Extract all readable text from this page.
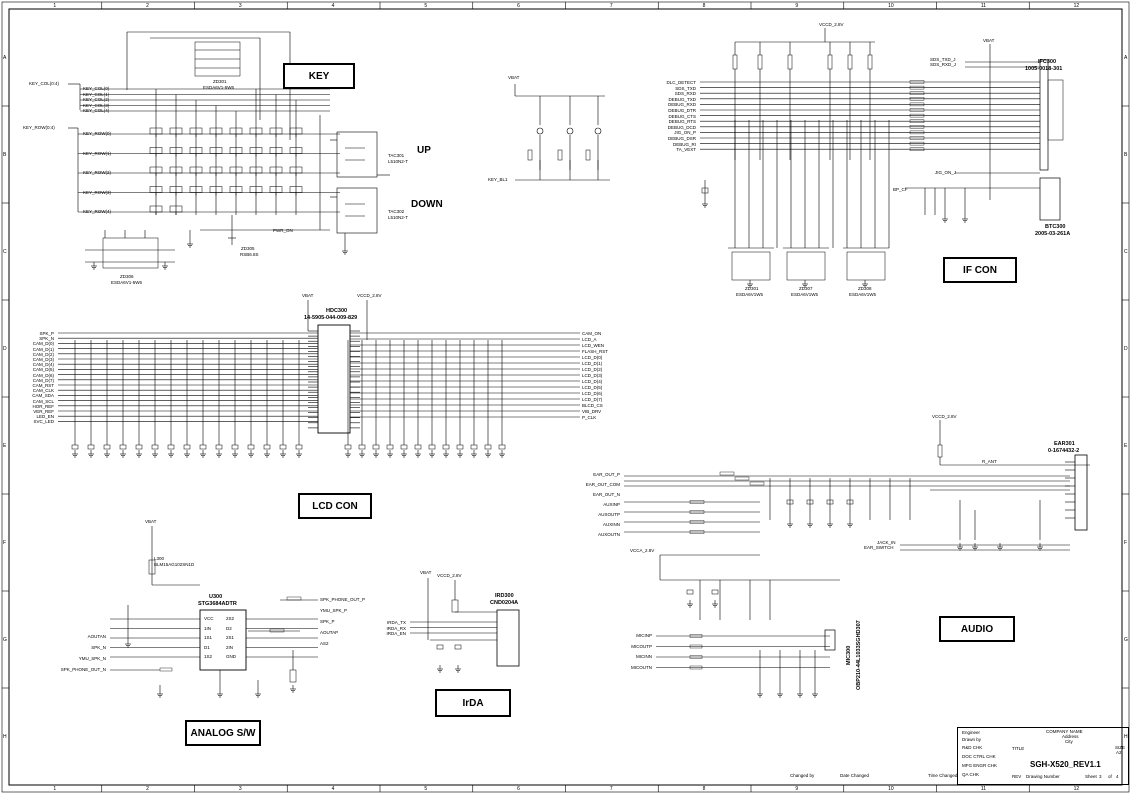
1
1
2
2
3
3
4
4
5
5
6
6
7
7
8
8
9
9
10
10
11
11
12
12
A	A
B	B
C	C
D	D
E	E
F	F
G	G
H	H
KEY
IF CON
LCD CON
AUDIO
ANALOG S/W
IrDA
UP
DOWN
ZD301
ESDA6V1-5W6
ZD306
ESDA6V1-5W6
ZD305
RSB6.8S
TAC301
L510N2-T
TAC302
L510N2-T
IFC300
1005-0018-301
BTC300
2005-03-261A
HDC300
14-5905-044-009-829
EAR301
0-1674432-2
U300
STG3684ADTR
IRD300
CND0204A
MIC300 OBP210-44L1033SGHD307
ZD301
ESDA6V1W5
ZD307
ESDA6V1W5
ZD308
ESDA6V1W5
L300
BLM15AG102SN1D
VBAT
VCCD_2.8V
VBAT
VBAT	VCCD_2.8V
VCCD_2.8V
VCCA_2.8V
VBAT
VBAT
VCCD_2.8V
KEY_COL(0:4)
KEY_ROW(0:4)
KEY_COL(0)
KEY_COL(1)
KEY_COL(2)
KEY_COL(3)
KEY_COL(4)
KEY_ROW(0)
KEY_ROW(1)
KEY_ROW(2)
KEY_ROW(3)
KEY_ROW(4)
KEY_BL1
PWR_ON
DLC_DETECT
SDS_TXD
SDS_RXD
DEBUG_TXD
DEBUG_RXD
DEBUG_DTR
DEBUG_CTS
DEBUG_RTS
DEBUG_DCD
JIG_ON_P
DEBUG_DSR
DEBUG_RI
TA_VEXT
SDS_TXD_J
SDS_RXD_J
JIG_ON_J
BP_CF
SPK_P
SPK_N
CAM_D(0)
CAM_D(1)
CAM_D(2)
CAM_D(3)
CAM_D(4)
CAM_D(5)
CAM_D(6)
CAM_D(7)
CAM_RST
CAM_CLK
CAM_SDA
CAM_SCL
HOR_REF
VER_REF
LED_EN
SVC_LED
CAM_ON
LCD_A
LCD_WEN
FLASH_RST
LCD_D(0)
LCD_D(1)
LCD_D(2)
LCD_D(3)
LCD_D(4)
LCD_D(5)
LCD_D(6)
LCD_D(7)
BLCD_CS
VIB_DRV
P_CLK
EAR_OUT_P
EAR_OUT_COM
EAR_OUT_N
AUXINP
AUXOUTP
AUXINN
AUXOUTN
MICINP
MICOUTP
MICINN
MICOUTN
R_ANT
JACK_IN
EAR_SWITCH
AOUTAN
SPK_N
YMU_SPK_N
SPK_PHONE_OUT_N
SPK_PHONE_OUT_P
YMU_SPK_P
SPK_P
AOUTAP
AS2
VCC
1IN
1S1
D1
1S2
2S2
D2
2S1
2IN
GND
IRDA_TX
IRDA_RX
IRDA_EN
Changed by	Date Changed	Time Changed
Engineer
Drawn by
R&D CHK
DOC CTRL CHK
MFG ENGR CHK
QA CHK
COMPANY NAME
Address
City
TITLE	SIZE
A2
SGH-X520_REV1.1
REV Drawing Number	Sheet 3 of 4
